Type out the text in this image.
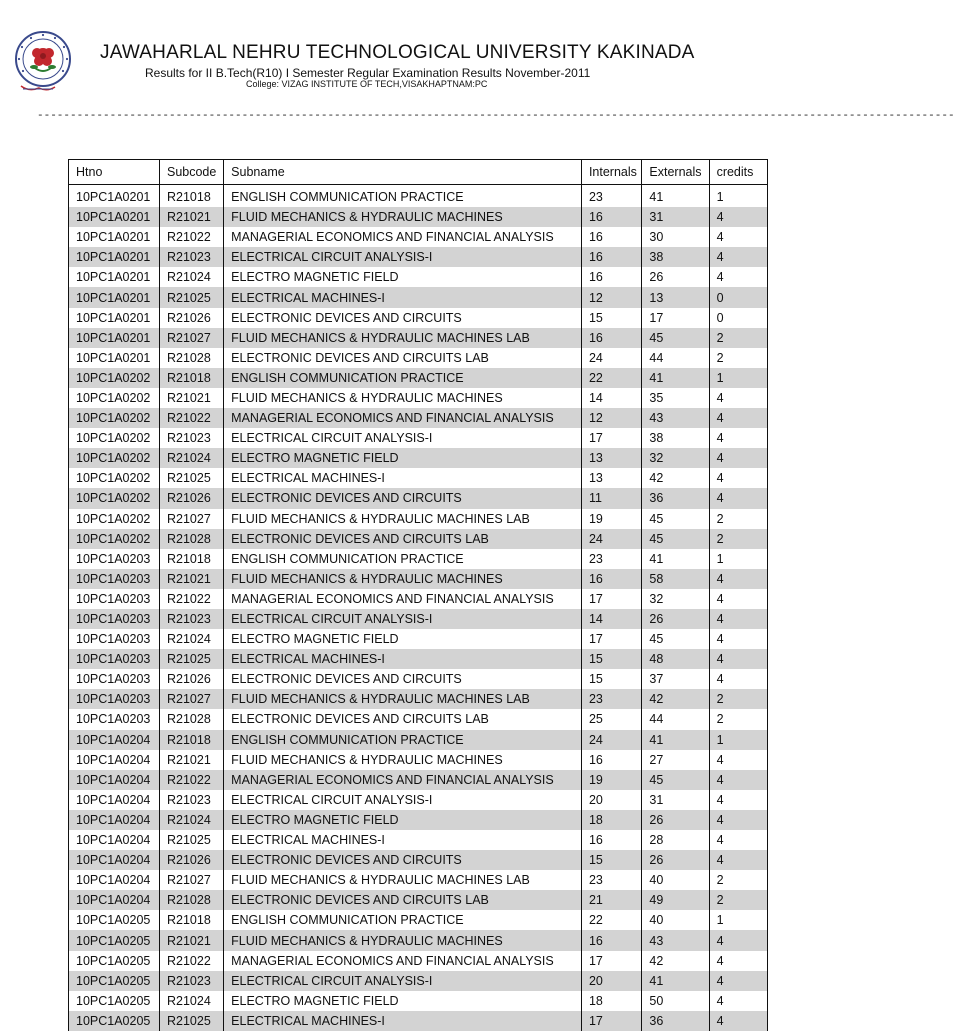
JAWAHARLAL NEHRU TECHNOLOGICAL UNIVERSITY KAKINADA
Results for II B.Tech(R10) I Semester Regular Examination Results November-2011
College: VIZAG INSTITUTE OF TECH,VISAKHAPTNAM:PC
-------------------------------------------------------------------------------------------------------------------------------------------
Htno	Subcode	Subname	Internals	Externals	credits
10PC1A0201	R21018	ENGLISH COMMUNICATION PRACTICE	23	41	1
10PC1A0201	R21021	FLUID MECHANICS & HYDRAULIC MACHINES	16	31	4
10PC1A0201	R21022	MANAGERIAL ECONOMICS AND FINANCIAL ANALYSIS	16	30	4
10PC1A0201	R21023	ELECTRICAL CIRCUIT ANALYSIS-I	16	38	4
10PC1A0201	R21024	ELECTRO MAGNETIC FIELD	16	26	4
10PC1A0201	R21025	ELECTRICAL MACHINES-I	12	13	0
10PC1A0201	R21026	ELECTRONIC DEVICES AND CIRCUITS	15	17	0
10PC1A0201	R21027	FLUID MECHANICS & HYDRAULIC MACHINES LAB	16	45	2
10PC1A0201	R21028	ELECTRONIC DEVICES AND CIRCUITS LAB	24	44	2
10PC1A0202	R21018	ENGLISH COMMUNICATION PRACTICE	22	41	1
10PC1A0202	R21021	FLUID MECHANICS & HYDRAULIC MACHINES	14	35	4
10PC1A0202	R21022	MANAGERIAL ECONOMICS AND FINANCIAL ANALYSIS	12	43	4
10PC1A0202	R21023	ELECTRICAL CIRCUIT ANALYSIS-I	17	38	4
10PC1A0202	R21024	ELECTRO MAGNETIC FIELD	13	32	4
10PC1A0202	R21025	ELECTRICAL MACHINES-I	13	42	4
10PC1A0202	R21026	ELECTRONIC DEVICES AND CIRCUITS	11	36	4
10PC1A0202	R21027	FLUID MECHANICS & HYDRAULIC MACHINES LAB	19	45	2
10PC1A0202	R21028	ELECTRONIC DEVICES AND CIRCUITS LAB	24	45	2
10PC1A0203	R21018	ENGLISH COMMUNICATION PRACTICE	23	41	1
10PC1A0203	R21021	FLUID MECHANICS & HYDRAULIC MACHINES	16	58	4
10PC1A0203	R21022	MANAGERIAL ECONOMICS AND FINANCIAL ANALYSIS	17	32	4
10PC1A0203	R21023	ELECTRICAL CIRCUIT ANALYSIS-I	14	26	4
10PC1A0203	R21024	ELECTRO MAGNETIC FIELD	17	45	4
10PC1A0203	R21025	ELECTRICAL MACHINES-I	15	48	4
10PC1A0203	R21026	ELECTRONIC DEVICES AND CIRCUITS	15	37	4
10PC1A0203	R21027	FLUID MECHANICS & HYDRAULIC MACHINES LAB	23	42	2
10PC1A0203	R21028	ELECTRONIC DEVICES AND CIRCUITS LAB	25	44	2
10PC1A0204	R21018	ENGLISH COMMUNICATION PRACTICE	24	41	1
10PC1A0204	R21021	FLUID MECHANICS & HYDRAULIC MACHINES	16	27	4
10PC1A0204	R21022	MANAGERIAL ECONOMICS AND FINANCIAL ANALYSIS	19	45	4
10PC1A0204	R21023	ELECTRICAL CIRCUIT ANALYSIS-I	20	31	4
10PC1A0204	R21024	ELECTRO MAGNETIC FIELD	18	26	4
10PC1A0204	R21025	ELECTRICAL MACHINES-I	16	28	4
10PC1A0204	R21026	ELECTRONIC DEVICES AND CIRCUITS	15	26	4
10PC1A0204	R21027	FLUID MECHANICS & HYDRAULIC MACHINES LAB	23	40	2
10PC1A0204	R21028	ELECTRONIC DEVICES AND CIRCUITS LAB	21	49	2
10PC1A0205	R21018	ENGLISH COMMUNICATION PRACTICE	22	40	1
10PC1A0205	R21021	FLUID MECHANICS & HYDRAULIC MACHINES	16	43	4
10PC1A0205	R21022	MANAGERIAL ECONOMICS AND FINANCIAL ANALYSIS	17	42	4
10PC1A0205	R21023	ELECTRICAL CIRCUIT ANALYSIS-I	20	41	4
10PC1A0205	R21024	ELECTRO MAGNETIC FIELD	18	50	4
10PC1A0205	R21025	ELECTRICAL MACHINES-I	17	36	4
